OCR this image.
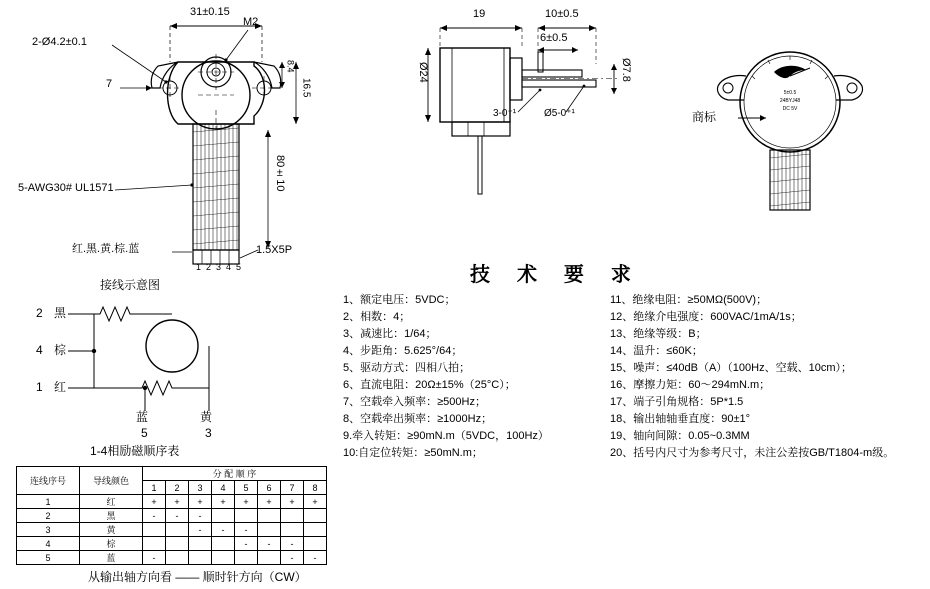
31±0.15
M2
2-Ø4.2±0.1
7	16.5
8.4
80±10
5-AWG30# UL1571
红.黑.黄.棕.蓝	1.5X5P
12345
19	10±0.5
6±0.5
Ø24	Ø7.8
3-0⁺¹	Ø5-0⁺¹
5±0.5
24BYJ48
DC 5V
商标
技 术 要 求
1、额定电压：5VDC；
2、相数：4；
3、减速比：1/64；
4、步距角：5.625°/64；
5、驱动方式：四相八拍；
6、直流电阻：20Ω±15%（25°C）；
7、空载牵入频率：≥500Hz；
8、空载牵出频率：≥1000Hz；
9.牵入转矩：≥90mN.m（5VDC，100Hz）
10:自定位转矩：≥50mN.m；
11、绝缘电阻：≥50MΩ(500V)；
12、绝缘介电强度：600VAC/1mA/1s；
13、绝缘等级：B；
14、温升：≤60K；
15、噪声：≤40dB（A）（100Hz、空载、10cm）；
16、摩擦力矩：60～294mN.m；
17、端子引角规格：5P*1.5
18、输出轴轴垂直度：90±1°
19、轴向间隙：0.05~0.3MM
20、括号内尺寸为参考尺寸，未注公差按GB/T1804-m级。
接线示意图
2 黑
4 棕
1 红
蓝
5
黄
3
1-4相励磁顺序表
连线序号	导线颜色	分 配 顺 序							
		1	2	3	4	5	6	7	8
1	红	+	+	+	+	+	+	+	+
2	黑	-	-	-					
3	黄			-	-	-			
4	棕					-	-	-	
5	蓝	-						-	-
从输出轴方向看 —— 顺时针方向（CW）
